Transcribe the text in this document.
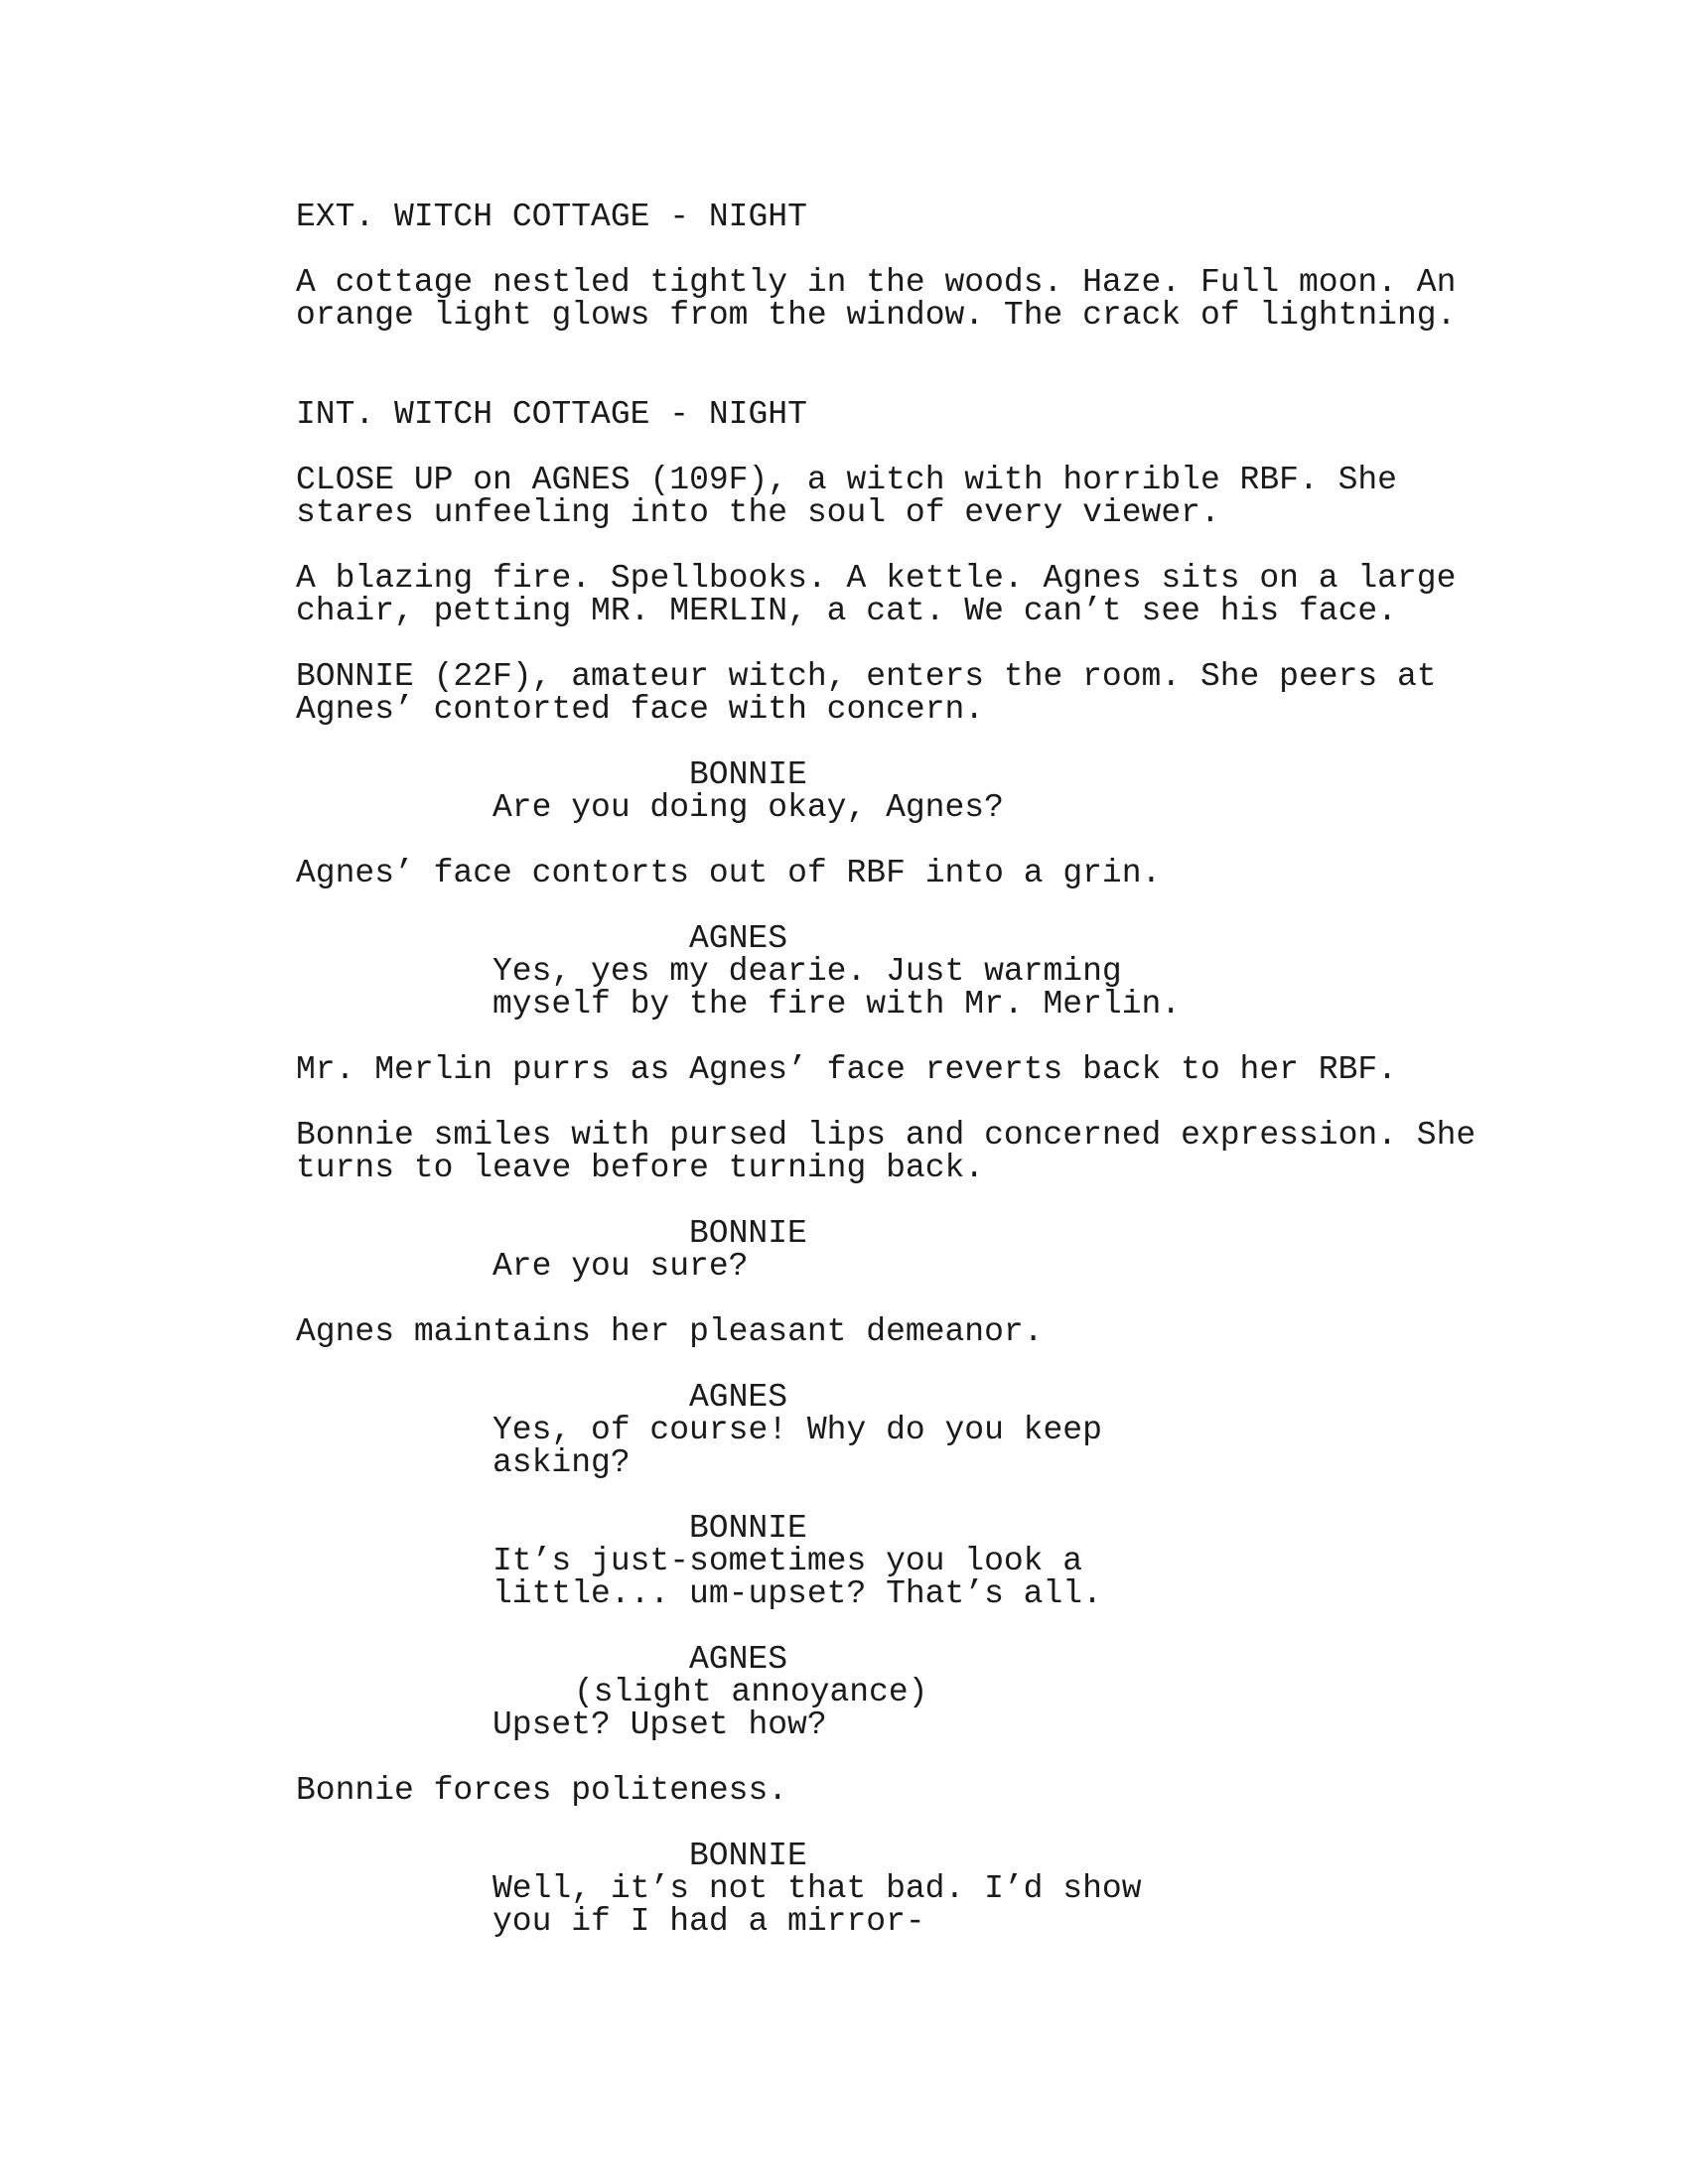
EXT. WITCH COTTAGE - NIGHT

A cottage nestled tightly in the woods. Haze. Full moon. An

orange light glows from the window. The crack of lightning.

INT. WITCH COTTAGE - NIGHT

CLOSE UP on AGNES (109F), a witch with horrible RBF. She

stares unfeeling into the soul of every viewer.

A blazing fire. Spellbooks. A kettle. Agnes sits on a large

chair, petting MR. MERLIN, a cat. We can’t see his face.

BONNIE (22F), amateur witch, enters the room. She peers at

Agnes’ contorted face with concern.

BONNIE

Are you doing okay, Agnes?

Agnes’ face contorts out of RBF into a grin.

AGNES

Yes, yes my dearie. Just warming

myself by the fire with Mr. Merlin.

Mr. Merlin purrs as Agnes’ face reverts back to her RBF.

Bonnie smiles with pursed lips and concerned expression. She

turns to leave before turning back.

BONNIE

Are you sure?

Agnes maintains her pleasant demeanor.

AGNES

Yes, of course! Why do you keep

asking?

BONNIE

It’s just-sometimes you look a

little... um-upset? That’s all.

AGNES

(slight annoyance)

Upset? Upset how?

Bonnie forces politeness.

BONNIE

Well, it’s not that bad. I’d show

you if I had a mirror-
